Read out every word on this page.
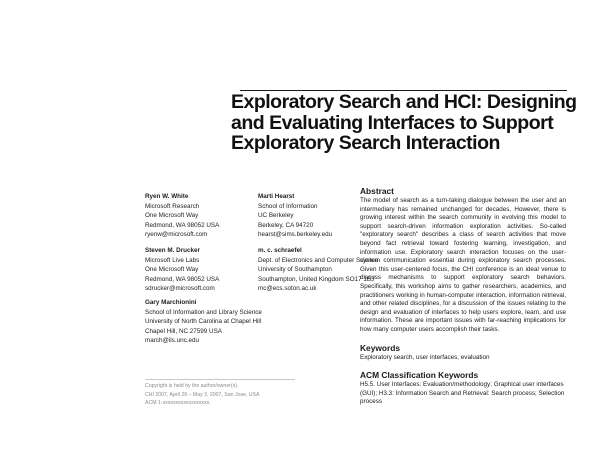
Exploratory Search and HCI: Designing
and Evaluating Interfaces to Support
Exploratory Search Interaction
Ryen W. White
Microsoft Research
One Microsoft Way
Redmond, WA 98052 USA
ryenw@microsoft.com
Marti Hearst
School of Information
UC Berkeley
Berkeley, CA 94720
hearst@sims.berkeley.edu
Steven M. Drucker
Microsoft Live Labs
One Microsoft Way
Redmond, WA 98052 USA
sdrucker@microsoft.com
m. c. schraefel
Dept. of Electronics and Computer Science
University of Southampton
Southampton, United Kingdom SO17 1BJ
mc@ecs.soton.ac.uk
Gary Marchionini
School of Information and Library Science
University of North Carolina at Chapel Hill
Chapel Hill, NC 27599 USA
march@ils.unc.edu
Copyright is held by the author/owner(s).
CHI 2007, April 28 – May 3, 2007, San Jose, USA
ACM 1-xxxxxxxxxxxxxxxxxx.
Abstract

The model of search as a turn-taking dialogue between the user and an intermediary has remained unchanged for decades. However, there is growing interest within the search community in evolving this model to support search-driven information exploration activities. So-called "exploratory search" describes a class of search activities that move beyond fact retrieval toward fostering learning, investigation, and information use. Exploratory search interaction focuses on the user-system communication essential during exploratory search processes. Given this user-centered focus, the CHI conference is an ideal venue to discuss mechanisms to support exploratory search behaviors. Specifically, this workshop aims to gather researchers, academics, and practitioners working in human-computer interaction, information retrieval, and other related disciplines, for a discussion of the issues relating to the design and evaluation of interfaces to help users explore, learn, and use information. These are important issues with far-reaching implications for how many computer users accomplish their tasks.

Keywords

Exploratory search, user interfaces, evaluation

ACM Classification Keywords

H5.5. User Interfaces: Evaluation/methodology; Graphical user interfaces (GUI); H3.3: Information Search and Retrieval: Search process; Selection process
